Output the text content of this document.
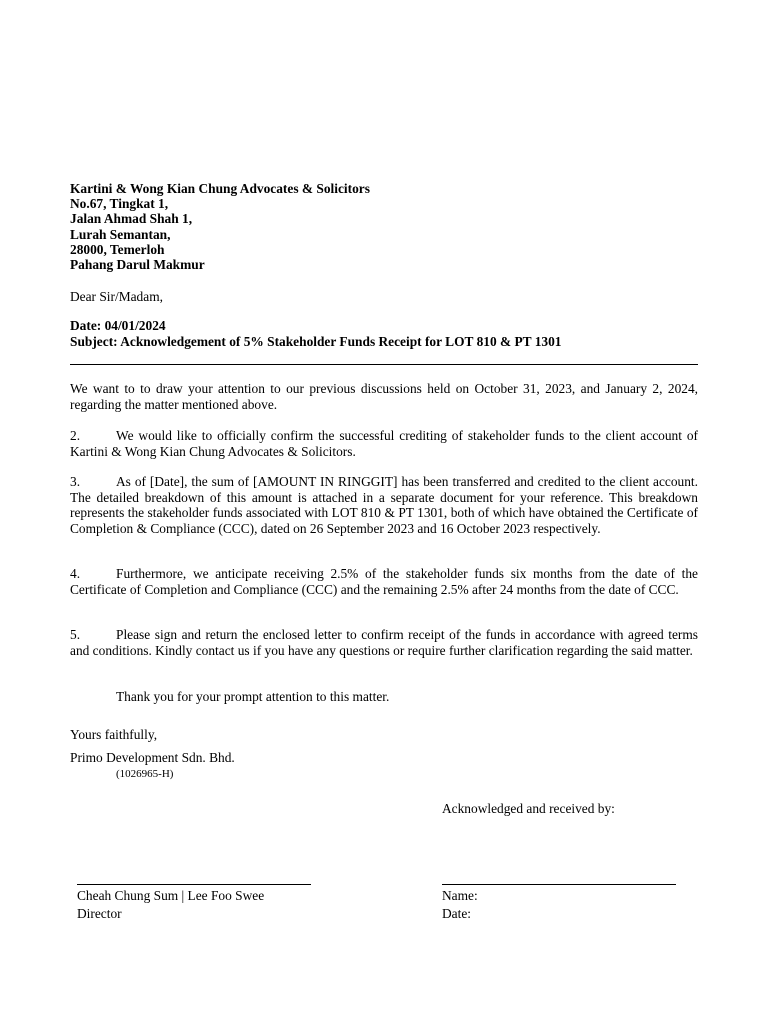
Kartini & Wong Kian Chung Advocates & Solicitors
No.67, Tingkat 1,
Jalan Ahmad Shah 1,
Lurah Semantan,
28000, Temerloh
Pahang Darul Makmur
Dear Sir/Madam,
Date: 04/01/2024
Subject: Acknowledgement of 5% Stakeholder Funds Receipt for LOT 810 & PT 1301
We want to to draw your attention to our previous discussions held on October 31, 2023, and January 2, 2024, regarding the matter mentioned above.
2.	We would like to officially confirm the successful crediting of stakeholder funds to the client account of Kartini & Wong Kian Chung Advocates & Solicitors.
3.	As of [Date], the sum of [AMOUNT IN RINGGIT] has been transferred and credited to the client account. The detailed breakdown of this amount is attached in a separate document for your reference. This breakdown represents the stakeholder funds associated with LOT 810 & PT 1301, both of which have obtained the Certificate of Completion & Compliance (CCC), dated on 26 September 2023 and 16 October 2023 respectively.
4.	Furthermore, we anticipate receiving 2.5% of the stakeholder funds six months from the date of the Certificate of Completion and Compliance (CCC) and the remaining 2.5% after 24 months from the date of CCC.
5.	Please sign and return the enclosed letter to confirm receipt of the funds in accordance with agreed terms and conditions. Kindly contact us if you have any questions or require further clarification regarding the said matter.
Thank you for your prompt attention to this matter.
Yours faithfully,
Primo Development Sdn. Bhd.
(1026965-H)
Acknowledged and received by:
Cheah Chung Sum | Lee Foo Swee
Director
Name:
Date:
